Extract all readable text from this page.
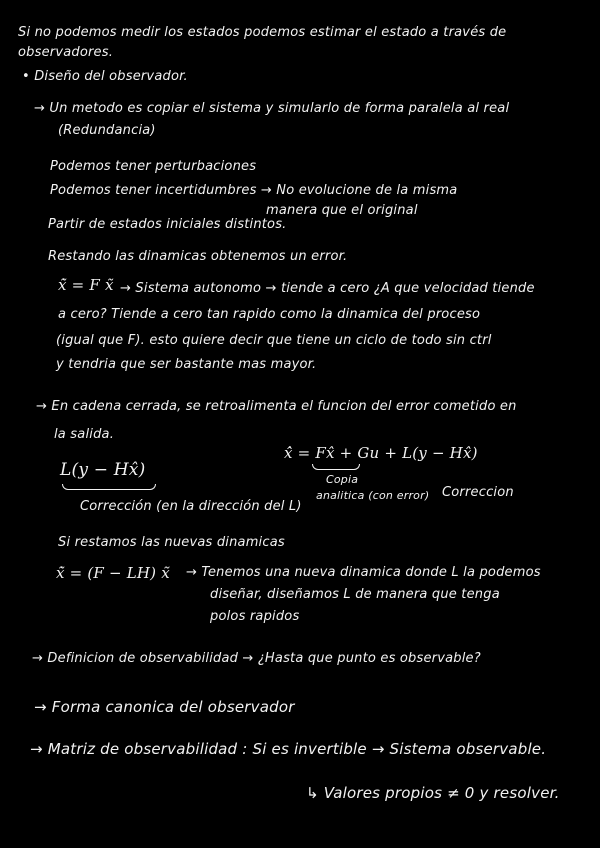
Si no podemos medir los estados podemos estimar el estado a través de
observadores.
• Diseño del observador.
→ Un metodo es copiar el sistema y simularlo de forma paralela al real
(Redundancia)
Podemos tener perturbaciones
Podemos tener incertidumbres → No evolucione de la misma
manera que el original
Partir de estados iniciales distintos.
Restando las dinamicas obtenemos un error.
x̃̇ = F x̃ → Sistema autonomo → tiende a cero ¿A que velocidad tiende
a cero? Tiende a cero tan rapido como la dinamica del proceso
(igual que F). esto quiere decir que tiene un ciclo de todo sin ctrl
y tendria que ser bastante mas mayor.
→ En cadena cerrada, se retroalimenta el funcion del error cometido en
la salida.
x̂̇ = Fx̂ + Gu + L(y − Hx̂)
Copia
analitica (con error) Correccion
L(y − Hx̂)
Corrección (en la dirección del L)
Si restamos las nuevas dinamicas
x̃̇ = (F − LH) x̃ → Tenemos una nueva dinamica donde L la podemos
diseñar, diseñamos L de manera que tenga
polos rapidos
→ Definicion de observabilidad → ¿Hasta que punto es observable?
→ Forma canonica del observador
→ Matriz de observabilidad : Si es invertible → Sistema observable.
↳ Valores propios ≠ 0 y resolver.
